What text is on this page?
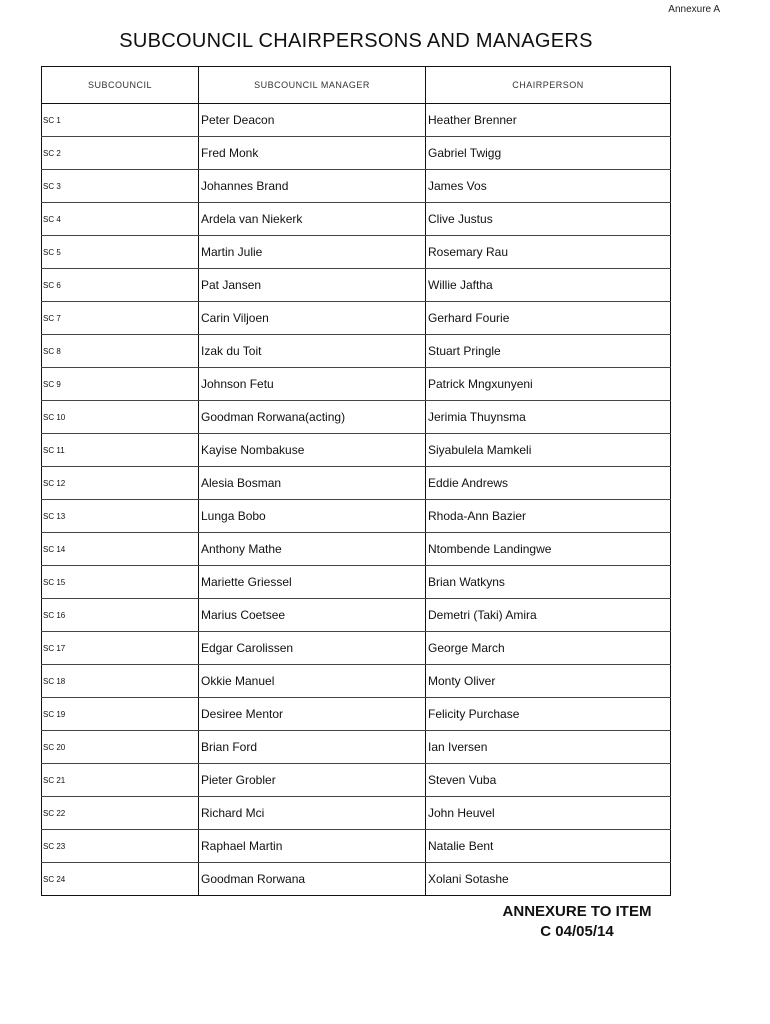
Annexure A
SUBCOUNCIL CHAIRPERSONS AND MANAGERS
SUBCOUNCIL	SUBCOUNCIL MANAGER	CHAIRPERSON
SC 1	Peter Deacon	Heather Brenner
SC 2	Fred Monk	Gabriel Twigg
SC 3	Johannes Brand	James Vos
SC 4	Ardela van Niekerk	Clive Justus
SC 5	Martin Julie	Rosemary Rau
SC 6	Pat Jansen	Willie Jaftha
SC 7	Carin Viljoen	Gerhard Fourie
SC 8	Izak du Toit	Stuart Pringle
SC 9	Johnson Fetu	Patrick Mngxunyeni
SC 10	Goodman Rorwana(acting)	Jerimia Thuynsma
SC 11	Kayise Nombakuse	Siyabulela Mamkeli
SC 12	Alesia Bosman	Eddie Andrews
SC 13	Lunga Bobo	Rhoda-Ann Bazier
SC 14	Anthony Mathe	Ntombende Landingwe
SC 15	Mariette Griessel	Brian Watkyns
SC 16	Marius Coetsee	Demetri (Taki) Amira
SC 17	Edgar Carolissen	George March
SC 18	Okkie Manuel	Monty Oliver
SC 19	Desiree Mentor	Felicity Purchase
SC 20	Brian Ford	Ian Iversen
SC 21	Pieter Grobler	Steven Vuba
SC 22	Richard Mci	John Heuvel
SC 23	Raphael Martin	Natalie Bent
SC 24	Goodman Rorwana	Xolani Sotashe
ANNEXURE TO ITEM
C 04/05/14
